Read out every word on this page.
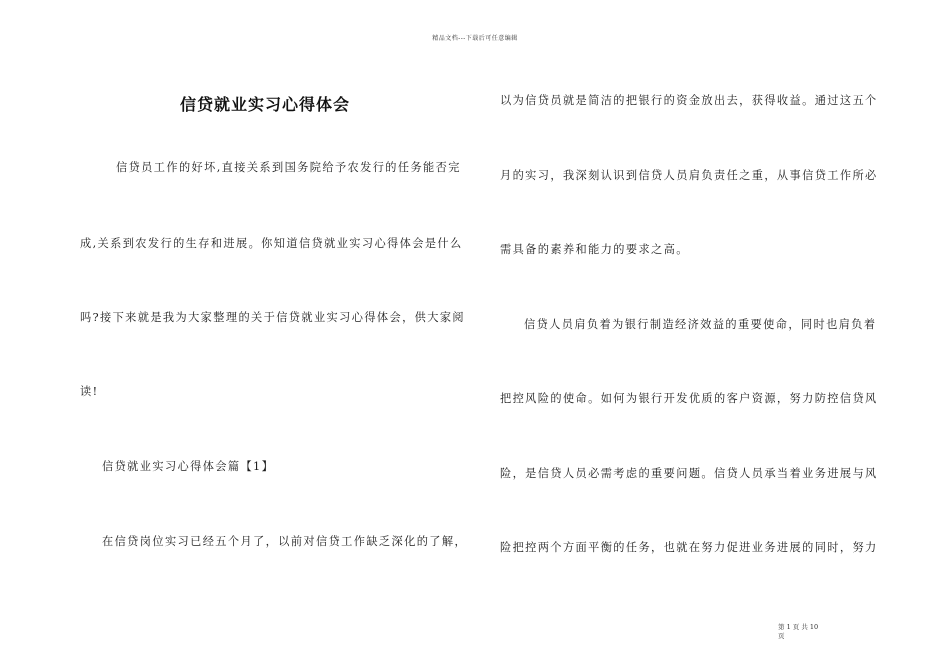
精品文档---下载后可任意编辑
信贷就业实习心得体会
信贷员工作的好坏,直接关系到国务院给予农发行的任务能否完
成,关系到农发行的生存和进展。你知道信贷就业实习心得体会是什么
吗?接下来就是我为大家整理的关于信贷就业实习心得体会，供大家阅
读!
信贷就业实习心得体会篇【1】
在信贷岗位实习已经五个月了，以前对信贷工作缺乏深化的了解，
以为信贷员就是简洁的把银行的资金放出去，获得收益。通过这五个
月的实习，我深刻认识到信贷人员肩负责任之重，从事信贷工作所必
需具备的素养和能力的要求之高。
信贷人员肩负着为银行制造经济效益的重要使命，同时也肩负着
把控风险的使命。如何为银行开发优质的客户资源，努力防控信贷风
险，是信贷人员必需考虑的重要问题。信贷人员承当着业务进展与风
险把控两个方面平衡的任务，也就在努力促进业务进展的同时，努力
第 1 页 共 10
页
